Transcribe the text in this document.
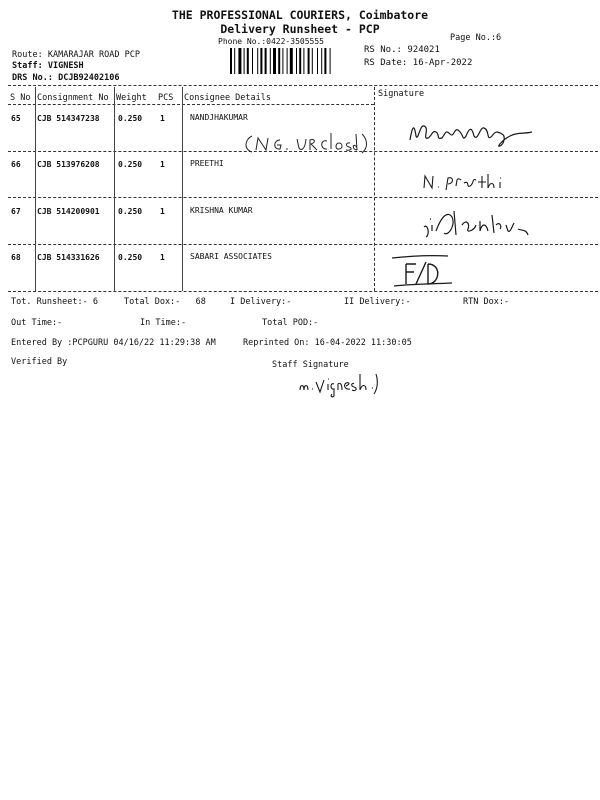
THE PROFESSIONAL COURIERS, Coimbatore
Delivery Runsheet - PCP
Phone No.:0422-3505555	Page No.:6
RS No.: 924021
RS Date: 16-Apr-2022
Route: KAMARAJAR ROAD PCP
Staff: VIGNESH
DRS No.: DCJB92402106
S No Consignment No Weight PCS Consignee Details	Signature
65 CJB 514347238 0.250 1	NANDJHAKUMAR
66 CJB 513976208 0.250 1	PREETHI
67 CJB 514200901 0.250 1	KRISHNA KUMAR
68 CJB 514331626 0.250 1	SABARI ASSOCIATES
Tot. Runsheet:- 6	Total Dox:- 68	I Delivery:-	II Delivery:-	RTN Dox:-
Out Time:-	In Time:-	Total POD:-
Entered By :PCPGURU 04/16/22 11:29:38 AM	Reprinted On: 16-04-2022 11:30:05
Verified By	Staff Signature
